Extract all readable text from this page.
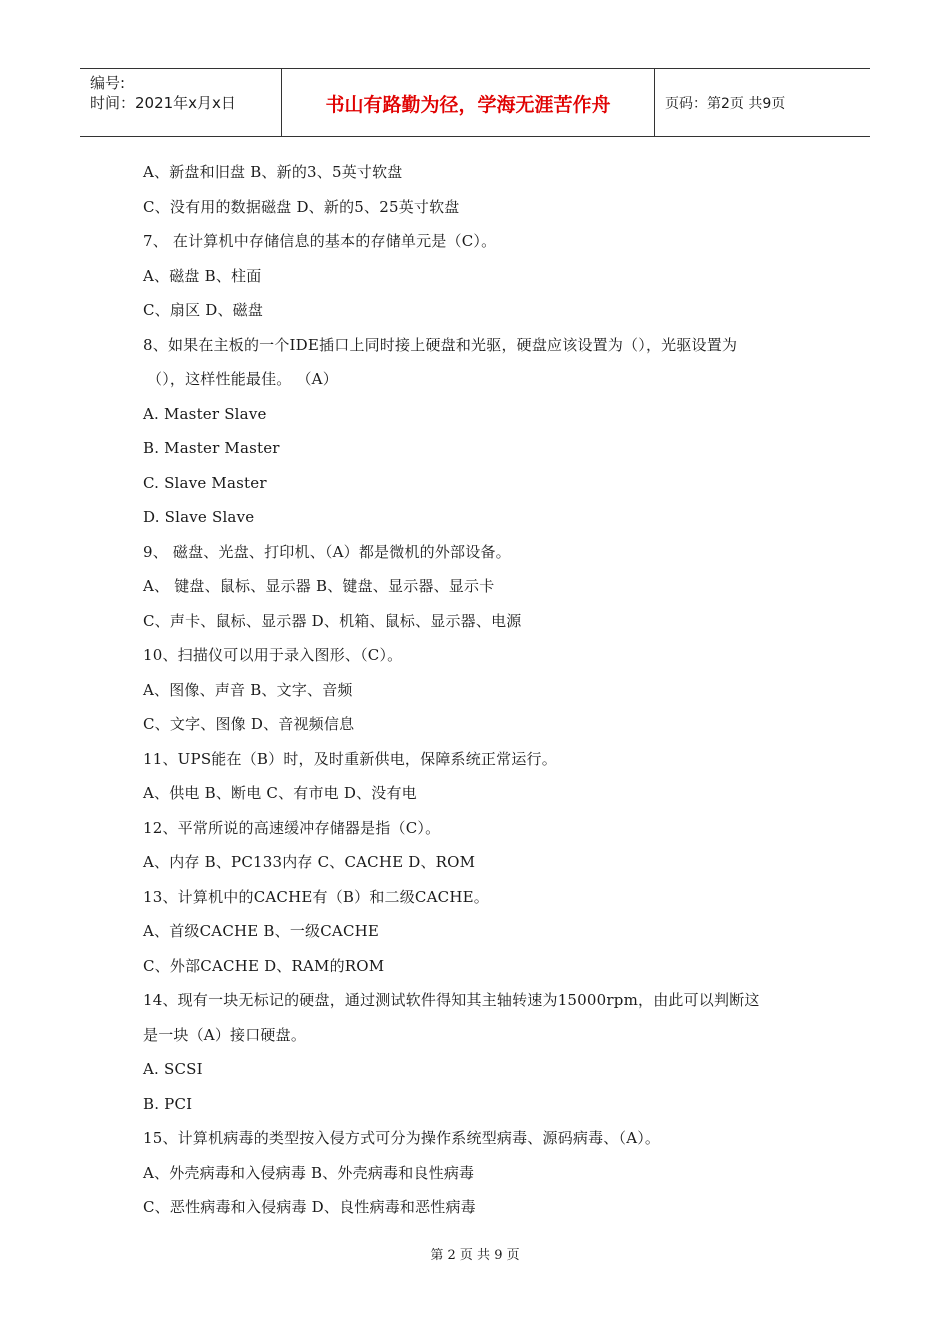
编号:
时间：2021年x月x日	书山有路勤为径，学海无涯苦作舟	页码：第2页 共9页
A、新盘和旧盘 B、新的3、5英寸软盘
C、没有用的数据磁盘 D、新的5、25英寸软盘
7、 在计算机中存储信息的基本的存储单元是（C）。
A、磁盘 B、柱面
C、扇区 D、磁盘
8、如果在主板的一个IDE插口上同时接上硬盘和光驱，硬盘应该设置为（），光驱设置为
（），这样性能最佳。 （A）
A. Master Slave
B. Master Master
C. Slave Master
D. Slave Slave
9、 磁盘、光盘、打印机、（A）都是微机的外部设备。
A、 键盘、鼠标、显示器 B、键盘、显示器、显示卡
C、声卡、鼠标、显示器 D、机箱、鼠标、显示器、电源
10、扫描仪可以用于录入图形、（C）。
A、图像、声音 B、文字、音频
C、文字、图像 D、音视频信息
11、UPS能在（B）时，及时重新供电，保障系统正常运行。
A、供电 B、断电 C、有市电 D、没有电
12、平常所说的高速缓冲存储器是指（C）。
A、内存 B、PC133内存 C、CACHE D、ROM
13、计算机中的CACHE有（B）和二级CACHE。
A、首级CACHE B、一级CACHE
C、外部CACHE D、RAM的ROM
14、现有一块无标记的硬盘，通过测试软件得知其主轴转速为15000rpm，由此可以判断这
是一块（A）接口硬盘。
A. SCSI
B. PCI
15、计算机病毒的类型按入侵方式可分为操作系统型病毒、源码病毒、（A）。
A、外壳病毒和入侵病毒 B、外壳病毒和良性病毒
C、恶性病毒和入侵病毒 D、良性病毒和恶性病毒
第 2 页 共 9 页
